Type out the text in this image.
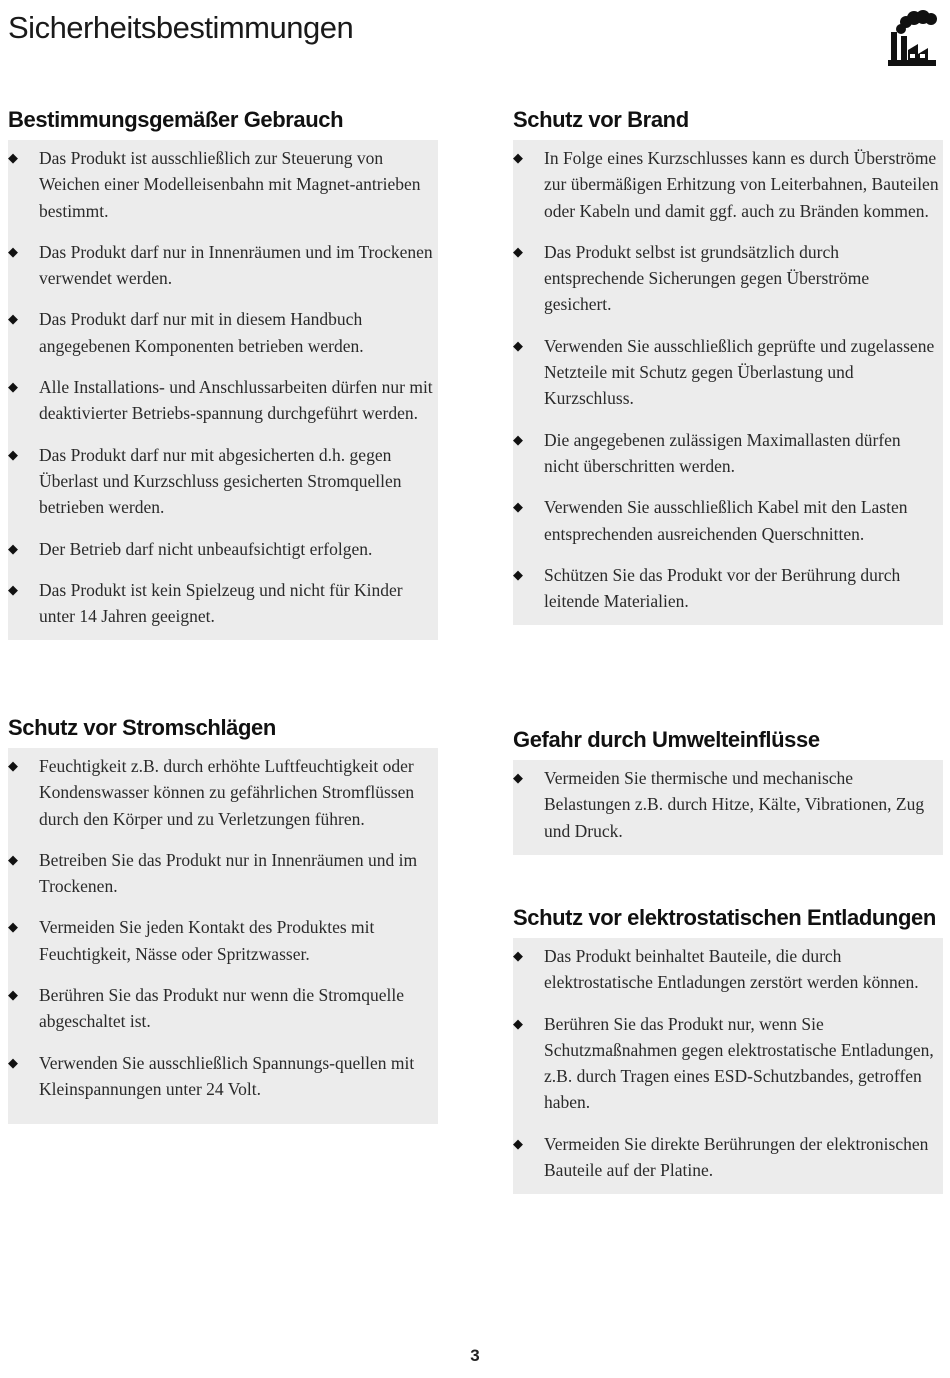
Sicherheitsbestimmungen
Bestimmungsgemäßer Gebrauch
◆	Das Produkt ist ausschließlich zur Steuerung von Weichen einer Modelleisenbahn mit Magnet-antrieben bestimmt.
◆	Das Produkt darf nur in Innenräumen und im Trockenen verwendet werden.
◆	Das Produkt darf nur mit in diesem Handbuch angegebenen Komponenten betrieben werden.
◆	Alle Installations- und Anschlussarbeiten dürfen nur mit deaktivierter Betriebs-spannung durchgeführt werden.
◆	Das Produkt darf nur mit abgesicherten d.h. gegen Überlast und Kurzschluss gesicherten Stromquellen betrieben werden.
◆	Der Betrieb darf nicht unbeaufsichtigt erfolgen.
◆	Das Produkt ist kein Spielzeug und nicht für Kinder unter 14 Jahren geeignet.
Schutz vor Brand
◆	In Folge eines Kurzschlusses kann es durch Überströme zur übermäßigen Erhitzung von Leiterbahnen, Bauteilen oder Kabeln und damit ggf. auch zu Bränden kommen.
◆	Das Produkt selbst ist grundsätzlich durch entsprechende Sicherungen gegen Überströme gesichert.
◆	Verwenden Sie ausschließlich geprüfte und zugelassene Netzteile mit Schutz gegen Überlastung und Kurzschluss.
◆	Die angegebenen zulässigen Maximallasten dürfen nicht überschritten werden.
◆	Verwenden Sie ausschließlich Kabel mit den Lasten entsprechenden ausreichenden Querschnitten.
◆	Schützen Sie das Produkt vor der Berührung durch leitende Materialien.
Schutz vor Stromschlägen
◆	Feuchtigkeit z.B. durch erhöhte Luftfeuchtigkeit oder Kondenswasser können zu gefährlichen Stromflüssen durch den Körper und zu Verletzungen führen.
◆	Betreiben Sie das Produkt nur in Innenräumen und im Trockenen.
◆	Vermeiden Sie jeden Kontakt des Produktes mit Feuchtigkeit, Nässe oder Spritzwasser.
◆	Berühren Sie das Produkt nur wenn die Stromquelle abgeschaltet ist.
◆	Verwenden Sie ausschließlich Spannungs-quellen mit Kleinspannungen unter 24 Volt.
Gefahr durch Umwelteinflüsse
◆	Vermeiden Sie thermische und mechanische Belastungen z.B. durch Hitze, Kälte, Vibrationen, Zug und Druck.
Schutz vor elektrostatischen Entladungen
◆	Das Produkt beinhaltet Bauteile, die durch elektrostatische Entladungen zerstört werden können.
◆	Berühren Sie das Produkt nur, wenn Sie Schutzmaßnahmen gegen elektrostatische Entladungen, z.B. durch Tragen eines ESD-Schutzbandes, getroffen haben.
◆	Vermeiden Sie direkte Berührungen der elektronischen Bauteile auf der Platine.
3
